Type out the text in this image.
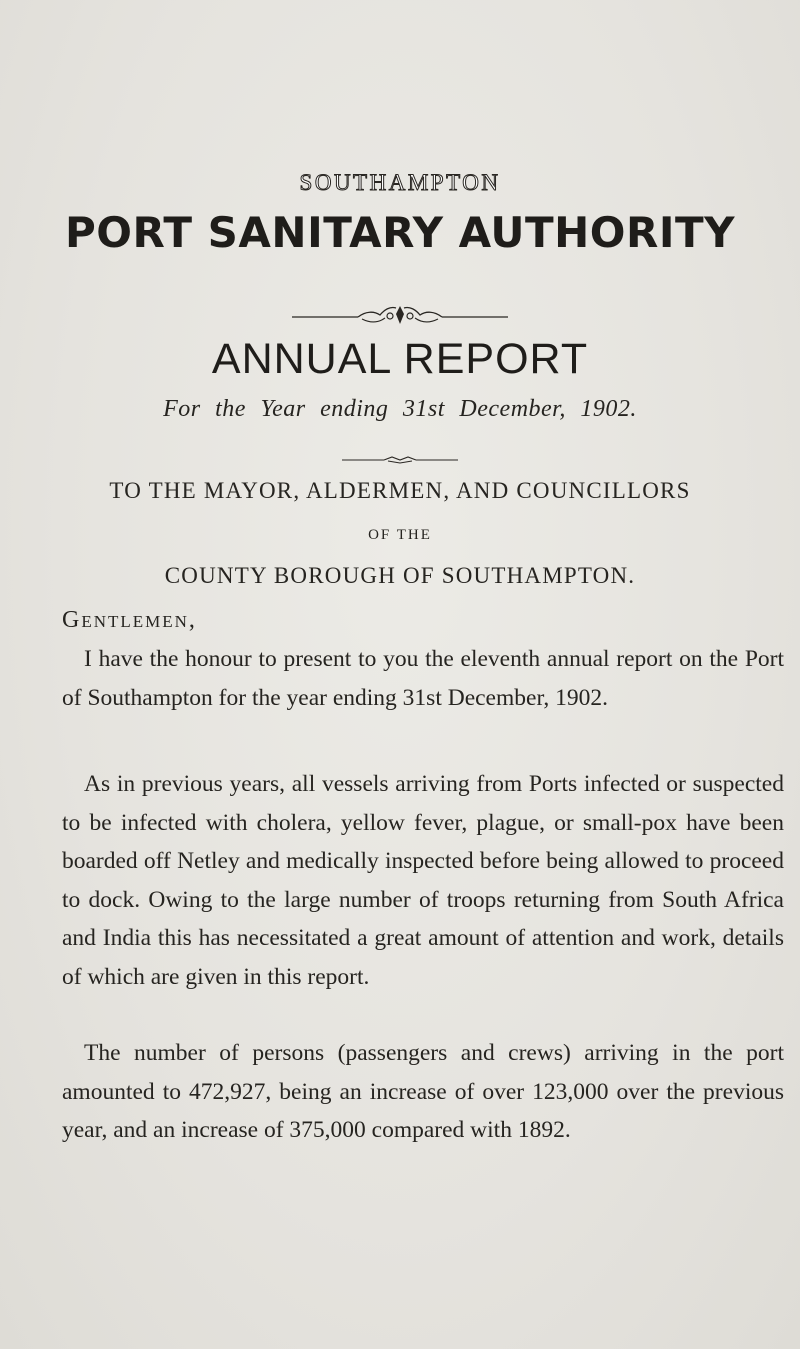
SOUTHAMPTON
PORT SANITARY AUTHORITY
ANNUAL REPORT
For the Year ending 31st December, 1902.
TO THE MAYOR, ALDERMEN, AND COUNCILLORS
OF THE
COUNTY BOROUGH OF SOUTHAMPTON.
Gentlemen,
I have the honour to present to you the eleventh annual report on the Port of Southampton for the year ending 31st December, 1902.
As in previous years, all vessels arriving from Ports infected or suspected to be infected with cholera, yellow fever, plague, or small-pox have been boarded off Netley and medically inspected before being allowed to proceed to dock. Owing to the large number of troops returning from South Africa and India this has necessitated a great amount of attention and work, details of which are given in this report.
The number of persons (passengers and crews) arriving in the port amounted to 472,927, being an increase of over 123,000 over the previous year, and an increase of 375,000 compared with 1892.
